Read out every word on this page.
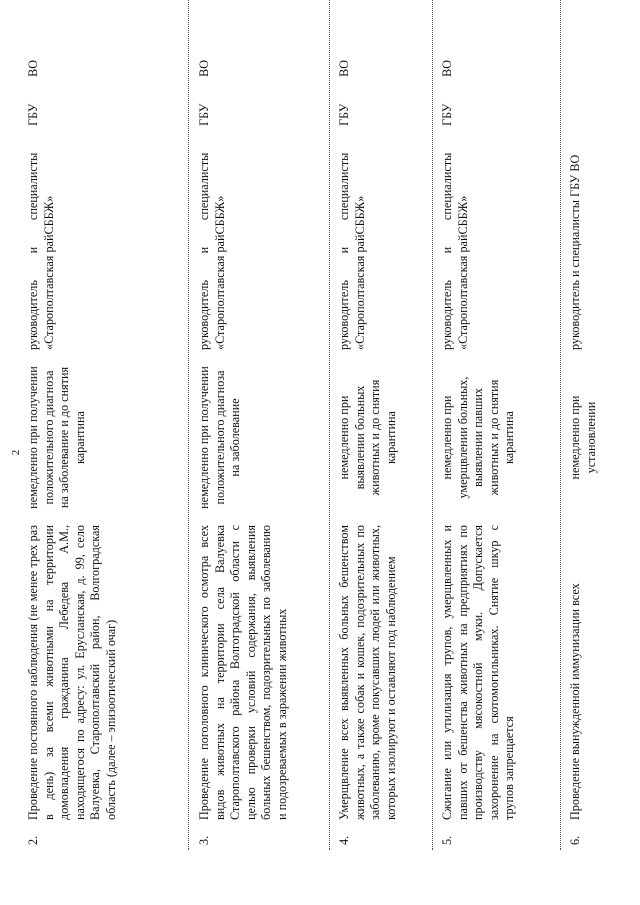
2

2.

Проведение постоянного наблюдения (не менее трех раз в день) за всеми животными на территории домовладения гражданина Лебедева А.М., находящегося по адресу: ул. Ерусланская, д. 99, село Валуевка, Старополтавский район, Волгоградская область (далее – эпизоотический очаг)

немедленно при получении положительного диагноза на заболевание и до снятия карантина

руководитель и специалисты ГБУ ВО «Старополтавская райСББЖ»

3.

Проведение поголовного клинического осмотра всех видов животных на территории села Валуевка Старополтавского района Волгоградской области с целью проверки условий содержания, выявления больных бешенством, подозрительных по заболеванию и подозреваемых в заражении животных

немедленно при получении положительного диагноза на заболевание

руководитель и специалисты ГБУ ВО «Старополтавская райСББЖ»

4.

Умерщвление всех выявленных больных бешенством животных, а также собак и кошек, подозрительных по заболеванию, кроме покусавших людей или животных, которых изолируют и оставляют под наблюдением

немедленно при выявлении больных животных и до снятия карантина

руководитель и специалисты ГБУ ВО «Старополтавская райСББЖ»

5.

Сжигание или утилизация трупов, умерщвленных и павших от бешенства животных на предприятиях по производству мясокостной муки. Допускается захоронение на скотомогильниках. Снятие шкур с трупов запрещается

немедленно при умерщвлении больных, выявлении павших животных и до снятия карантина

руководитель и специалисты ГБУ ВО «Старополтавская райСББЖ»

6.

Проведение вынужденной иммунизации всех

немедленно при установлении

руководитель и специалисты ГБУ ВО
